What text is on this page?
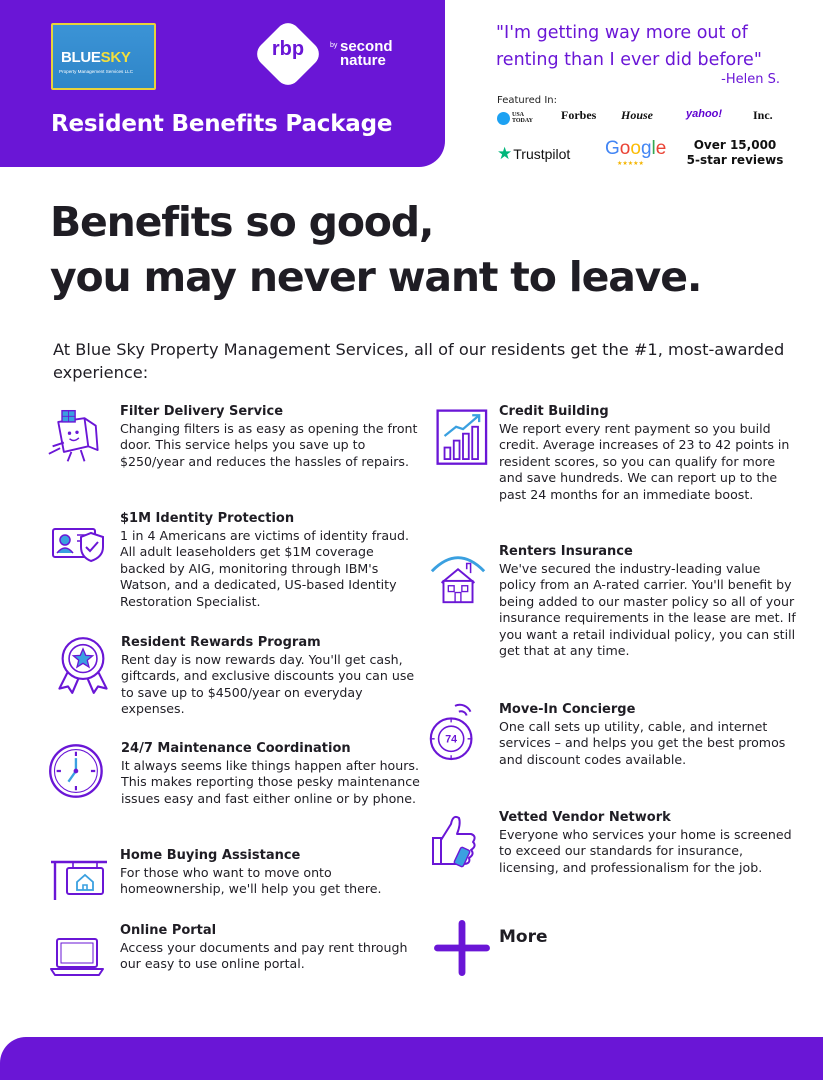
BLUESKY
Property Management Services LLC
rbp	by second nature
Resident Benefits Package
"I'm getting way more out of renting than I ever did before"
-Helen S.
Featured In:
USA
TODAY Forbes House	yahoo!	Inc.
★Trustpilot Google
★★★★★
Over 15,000 5-star reviews
Benefits so good,
you may never want to leave.
At Blue Sky Property Management Services, all of our residents get the #1, most-awarded experience:
Filter Delivery Service
Changing filters is as easy as opening the front door. This service helps you save up to $250/year and reduces the hassles of repairs.
$1M Identity Protection
1 in 4 Americans are victims of identity fraud. All adult leaseholders get $1M coverage backed by AIG, monitoring through IBM's Watson, and a dedicated, US-based Identity Restoration Specialist.
Resident Rewards Program
Rent day is now rewards day. You'll get cash, giftcards, and exclusive discounts you can use to save up to $4500/year on everyday expenses.
24/7 Maintenance Coordination
It always seems like things happen after hours. This makes reporting those pesky maintenance issues easy and fast either online or by phone.
Home Buying Assistance
For those who want to move onto homeownership, we'll help you get there.
Online Portal
Access your documents and pay rent through our easy to use online portal.
Credit Building
We report every rent payment so you build credit. Average increases of 23 to 42 points in resident scores, so you can qualify for more and save hundreds. We can report up to the past 24 months for an immediate boost.
Renters Insurance
We've secured the industry-leading value policy from an A-rated carrier. You'll benefit by being added to our master policy so all of your insurance requirements in the lease are met. If you want a retail individual policy, you can still get that at any time.
74
Move-In Concierge
One call sets up utility, cable, and internet services – and helps you get the best promos and discount codes available.
Vetted Vendor Network
Everyone who services your home is screened to exceed our standards for insurance, licensing, and professionalism for the job.
More
